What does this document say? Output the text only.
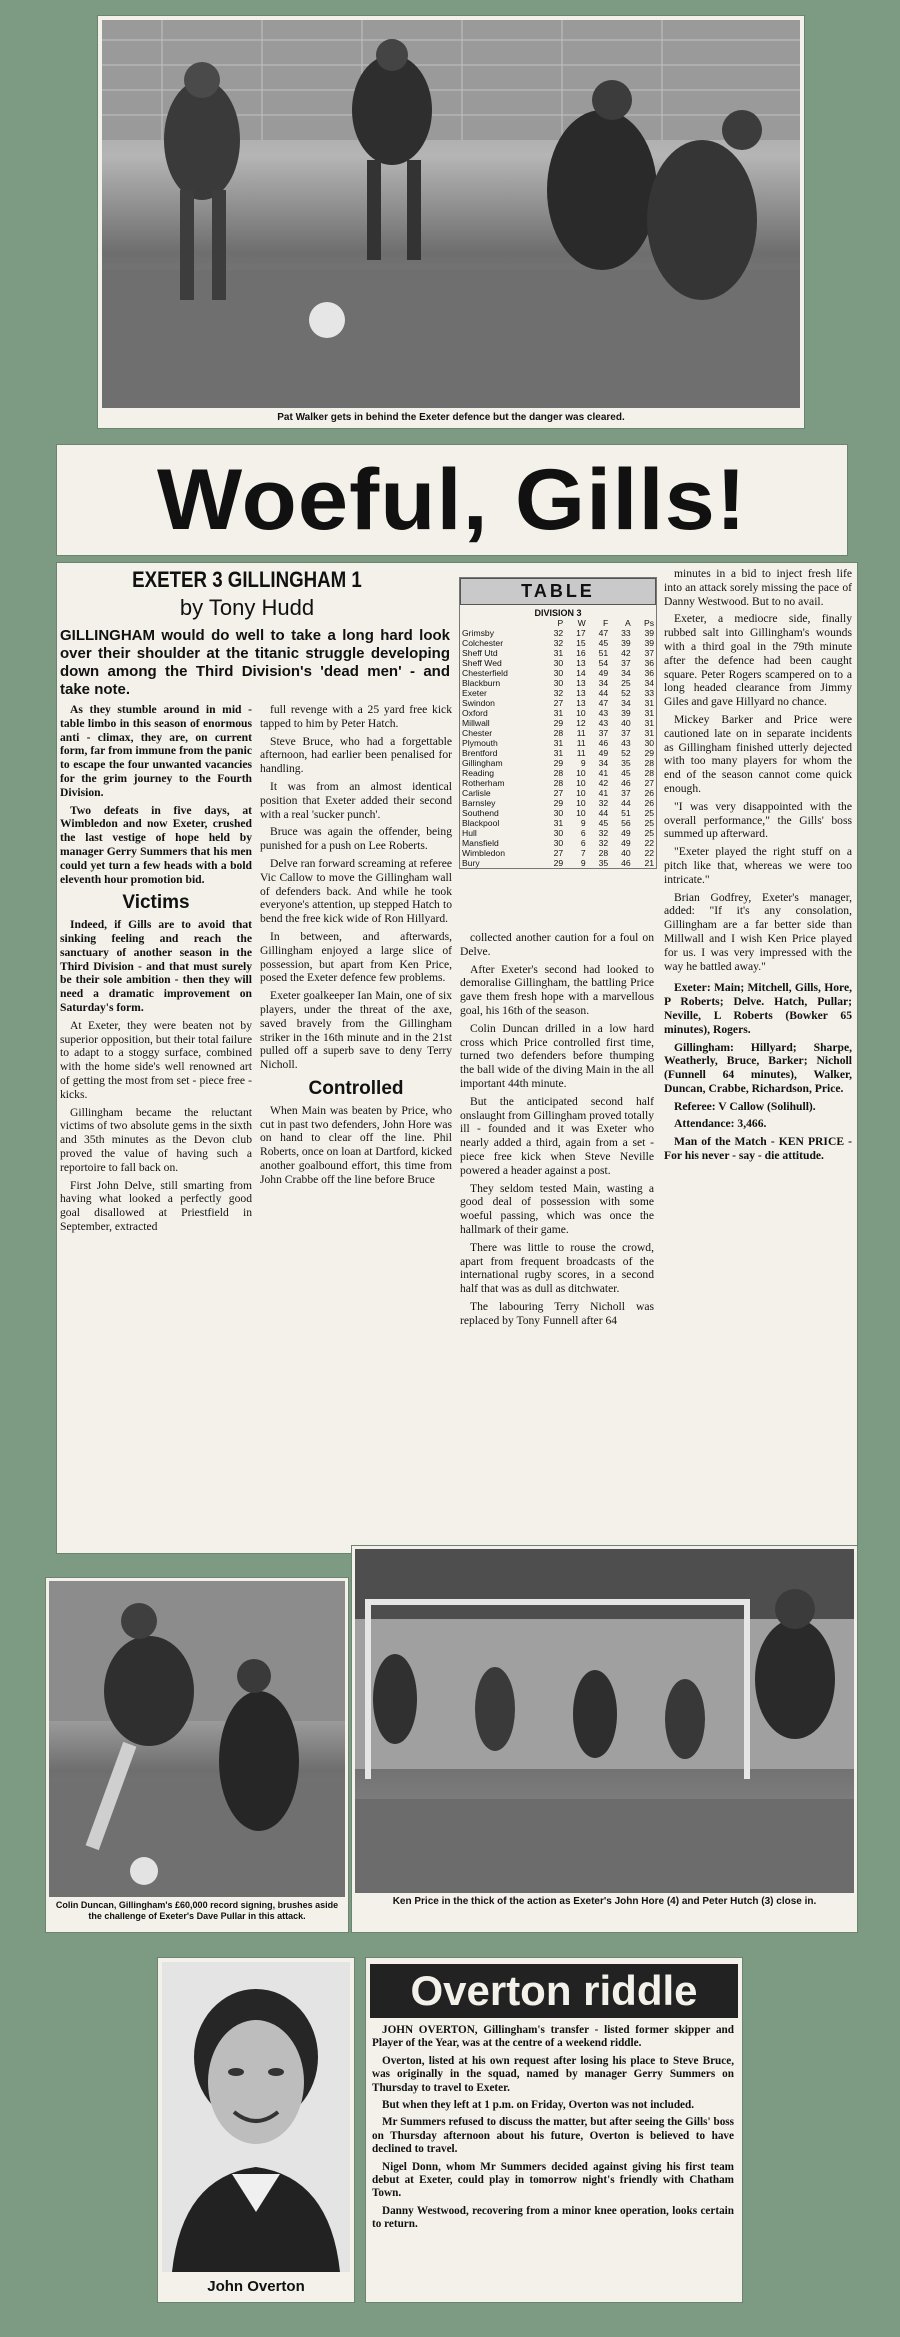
Pat Walker gets in behind the Exeter defence but the danger was cleared.
Woeful, Gills!
EXETER 3 GILLINGHAM 1
by Tony Hudd
GILLINGHAM would do well to take a long hard look over their shoulder at the titanic struggle developing down among the Third Division's 'dead men' - and take note.

As they stumble around in mid - table limbo in this season of enormous anti - climax, they are, on current form, far from immune from the panic to escape the four unwanted vacancies for the grim journey to the Fourth Division.

Two defeats in five days, at Wimbledon and now Exeter, crushed the last vestige of hope held by manager Gerry Summers that his men could yet turn a few heads with a bold eleventh hour promotion bid.

Victims

Indeed, if Gills are to avoid that sinking feeling and reach the sanctuary of another season in the Third Division - and that must surely be their sole ambition - then they will need a dramatic improvement on Saturday's form.

At Exeter, they were beaten not by superior opposition, but their total failure to adapt to a stoggy surface, combined with the home side's well renowned art of getting the most from set - piece free - kicks.

Gillingham became the reluctant victims of two absolute gems in the sixth and 35th minutes as the Devon club proved the value of having such a reportoire to fall back on.

First John Delve, still smarting from having what looked a perfectly good goal disallowed at Priestfield in September, extracted

full revenge with a 25 yard free kick tapped to him by Peter Hatch.

Steve Bruce, who had a forgettable afternoon, had earlier been penalised for handling.

It was from an almost identical position that Exeter added their second with a real 'sucker punch'.

Bruce was again the offender, being punished for a push on Lee Roberts.

Delve ran forward screaming at referee Vic Callow to move the Gillingham wall of defenders back. And while he took everyone's attention, up stepped Hatch to bend the free kick wide of Ron Hillyard.

In between, and afterwards, Gillingham enjoyed a large slice of possession, but apart from Ken Price, posed the Exeter defence few problems.

Exeter goalkeeper Ian Main, one of six players, under the threat of the axe, saved bravely from the Gillingham striker in the 16th minute and in the 21st pulled off a superb save to deny Terry Nicholl.

Controlled

When Main was beaten by Price, who cut in past two defenders, John Hore was on hand to clear off the line. Phil Roberts, once on loan at Dartford, kicked another goalbound effort, this time from John Crabbe off the line before Bruce

TABLE
DIVISION 3
	P	W	F	A	Ps
Grimsby	32	17	47	33	39
Colchester	32	15	45	39	39
Sheff Utd	31	16	51	42	37
Sheff Wed	30	13	54	37	36
Chesterfield	30	14	49	34	36
Blackburn	30	13	34	25	34
Exeter	32	13	44	52	33
Swindon	27	13	47	34	31
Oxford	31	10	43	39	31
Millwall	29	12	43	40	31
Chester	28	11	37	37	31
Plymouth	31	11	46	43	30
Brentford	31	11	49	52	29
Gillingham	29	9	34	35	28
Reading	28	10	41	45	28
Rotherham	28	10	42	46	27
Carlisle	27	10	41	37	26
Barnsley	29	10	32	44	26
Southend	30	10	44	51	25
Blackpool	31	9	45	56	25
Hull	30	6	32	49	25
Mansfield	30	6	32	49	22
Wimbledon	27	7	28	40	22
Bury	29	9	35	46	21

collected another caution for a foul on Delve.

After Exeter's second had looked to demoralise Gillingham, the battling Price gave them fresh hope with a marvellous goal, his 16th of the season.

Colin Duncan drilled in a low hard cross which Price controlled first time, turned two defenders before thumping the ball wide of the diving Main in the all important 44th minute.

But the anticipated second half onslaught from Gillingham proved totally ill - founded and it was Exeter who nearly added a third, again from a set - piece free kick when Steve Neville powered a header against a post.

They seldom tested Main, wasting a good deal of possession with some woeful passing, which was once the hallmark of their game.

There was little to rouse the crowd, apart from frequent broadcasts of the international rugby scores, in a second half that was as dull as ditchwater.

The labouring Terry Nicholl was replaced by Tony Funnell after 64

minutes in a bid to inject fresh life into an attack sorely missing the pace of Danny Westwood. But to no avail.

Exeter, a mediocre side, finally rubbed salt into Gillingham's wounds with a third goal in the 79th minute after the defence had been caught square. Peter Rogers scampered on to a long headed clearance from Jimmy Giles and gave Hillyard no chance.

Mickey Barker and Price were cautioned late on in separate incidents as Gillingham finished utterly dejected with too many players for whom the end of the season cannot come quick enough.

"I was very disappointed with the overall performance," the Gills' boss summed up afterward.

"Exeter played the right stuff on a pitch like that, whereas we were too intricate."

Brian Godfrey, Exeter's manager, added: "If it's any consolation, Gillingham are a far better side than Millwall and I wish Ken Price played for us. I was very impressed with the way he battled away."

Exeter: Main; Mitchell, Gills, Hore, P Roberts; Delve. Hatch, Pullar; Neville, L Roberts (Bowker 65 minutes), Rogers.

Gillingham: Hillyard; Sharpe, Weatherly, Bruce, Barker; Nicholl (Funnell 64 minutes), Walker, Duncan, Crabbe, Richardson, Price.

Referee: V Callow (Solihull).

Attendance: 3,466.

Man of the Match - KEN PRICE - For his never - say - die attitude.

Colin Duncan, Gillingham's £60,000 record signing, brushes aside the challenge of Exeter's Dave Pullar in this attack.
Ken Price in the thick of the action as Exeter's John Hore (4) and Peter Hutch (3) close in.
John Overton
Overton riddle

JOHN OVERTON, Gillingham's transfer - listed former skipper and Player of the Year, was at the centre of a weekend riddle.

Overton, listed at his own request after losing his place to Steve Bruce, was originally in the squad, named by manager Gerry Summers on Thursday to travel to Exeter.

But when they left at 1 p.m. on Friday, Overton was not included.

Mr Summers refused to discuss the matter, but after seeing the Gills' boss on Thursday afternoon about his future, Overton is believed to have declined to travel.

Nigel Donn, whom Mr Summers decided against giving his first team debut at Exeter, could play in tomorrow night's friendly with Chatham Town.

Danny Westwood, recovering from a minor knee operation, looks certain to return.
